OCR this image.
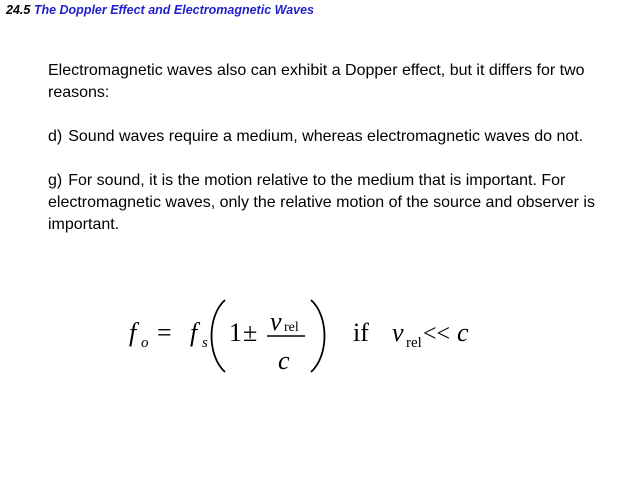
24.5 The Doppler Effect and Electromagnetic Waves

Electromagnetic waves also can exhibit a Dopper effect, but it differs for two reasons:

d) Sound waves require a medium, whereas electromagnetic waves do not.

g) For sound, it is the motion relative to the medium that is important. For electromagnetic waves, only the relative motion of the source and observer is important.

f o = f s 1 ± v rel
c
if v rel << c
